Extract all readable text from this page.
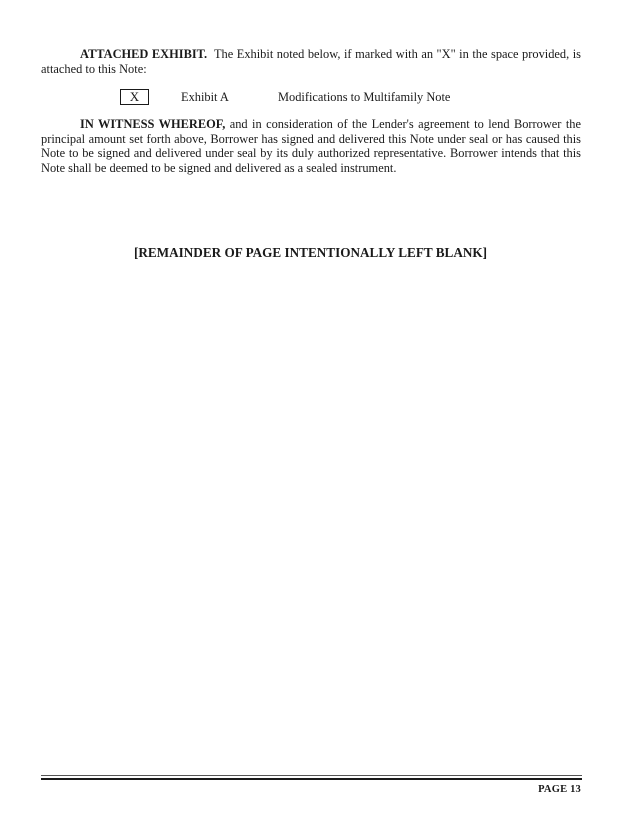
ATTACHED EXHIBIT. The Exhibit noted below, if marked with an "X" in the space provided, is attached to this Note:

X	Exhibit A	Modifications to Multifamily Note

IN WITNESS WHEREOF, and in consideration of the Lender's agreement to lend Borrower the principal amount set forth above, Borrower has signed and delivered this Note under seal or has caused this Note to be signed and delivered under seal by its duly authorized representative. Borrower intends that this Note shall be deemed to be signed and delivered as a sealed instrument.

[REMAINDER OF PAGE INTENTIONALLY LEFT BLANK]

PAGE 13
